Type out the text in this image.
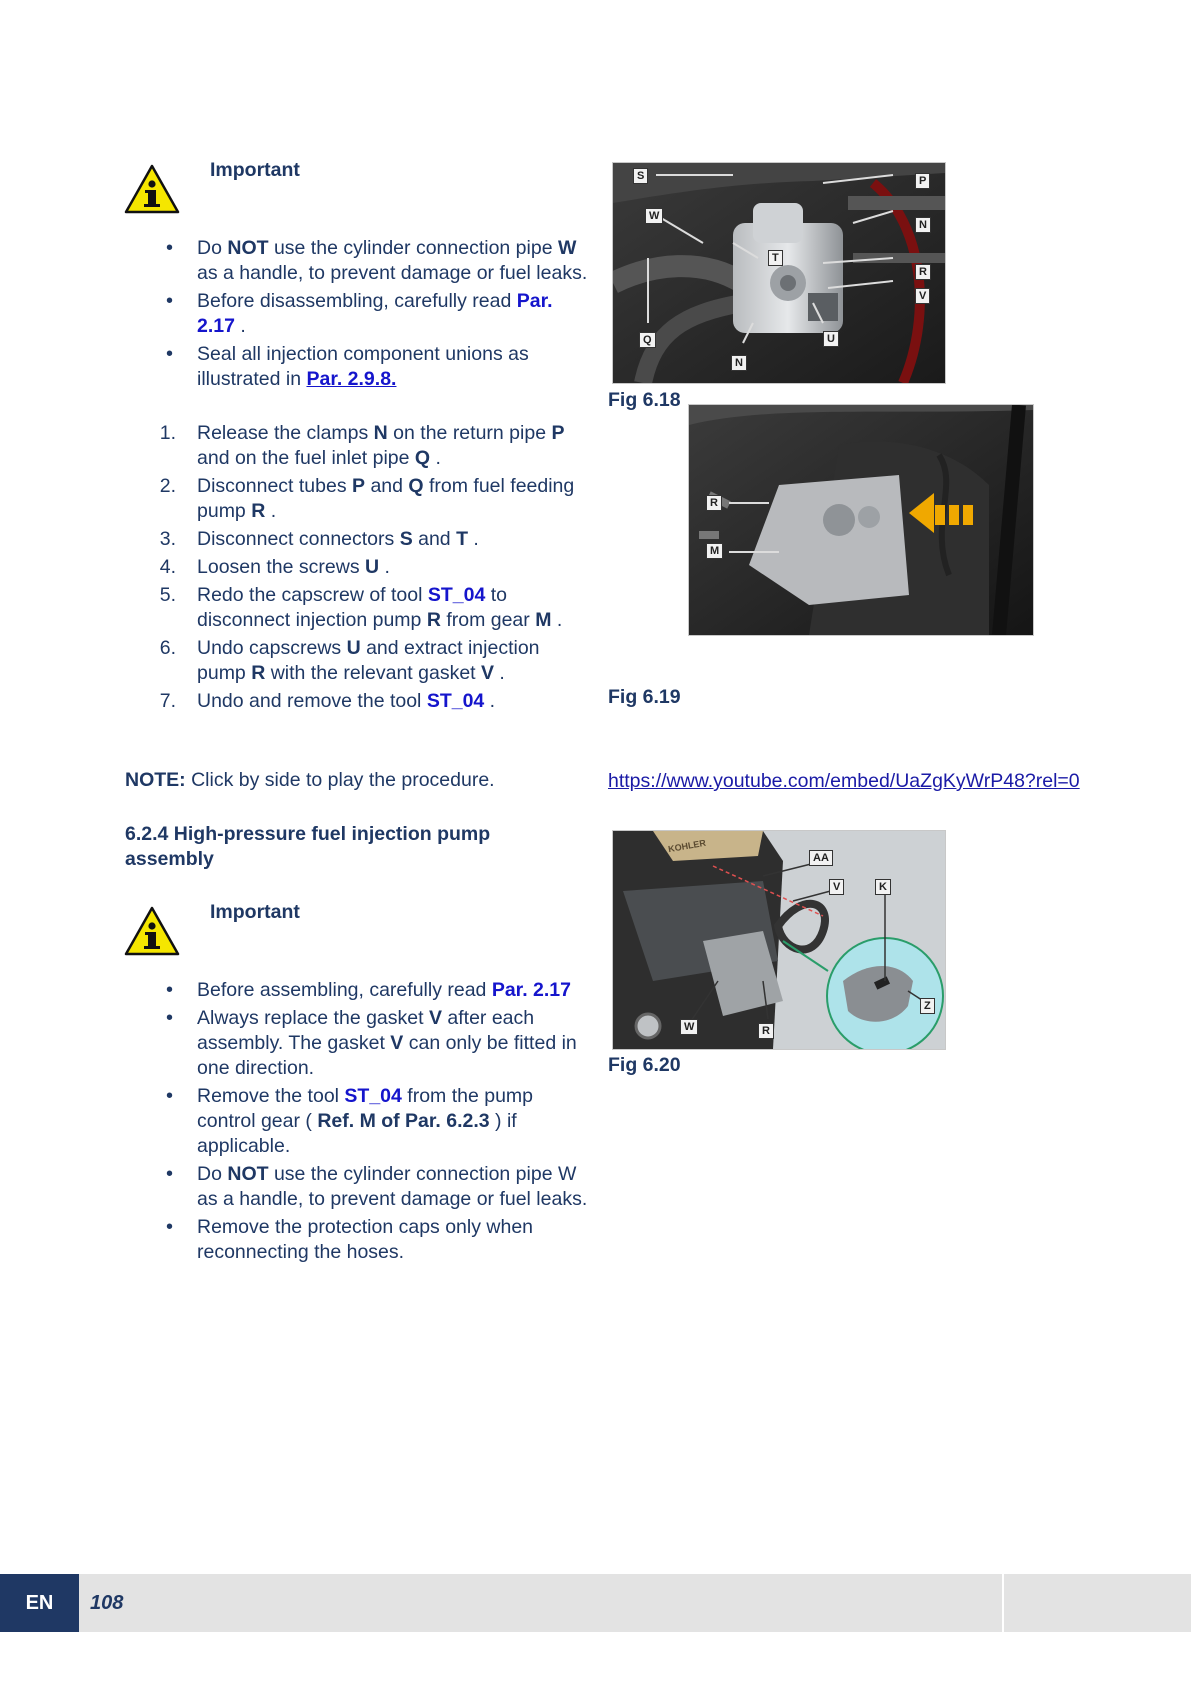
Important
• Do NOT use the cylinder connection pipe W as a handle, to prevent damage or fuel leaks.
• Before disassembling, carefully read Par. 2.17 .
• Seal all injection component unions as illustrated in Par. 2.9.8.
1. Release the clamps N on the return pipe P and on the fuel inlet pipe Q .
2. Disconnect tubes P and Q from fuel feeding pump R .
3. Disconnect connectors S and T .
4. Loosen the screws U .
5. Redo the capscrew of tool ST_04 to disconnect injection pump R from gear M .
6. Undo capscrews U and extract injection pump R with the relevant gasket V .
7. Undo and remove the tool ST_04 .
NOTE: Click by side to play the procedure.
6.2.4 High-pressure fuel injection pump assembly
Important
• Before assembling, carefully read Par. 2.17
• Always replace the gasket V after each assembly. The gasket V can only be fitted in one direction.
• Remove the tool ST_04 from the pump control gear ( Ref. M of Par. 6.2.3 ) if applicable.
• Do NOT use the cylinder connection pipe W as a handle, to prevent damage or fuel leaks.
• Remove the protection caps only when reconnecting the hoses.
S
W
T
Q
N
U
P
N
R
V
Fig 6.18
R
M
Fig 6.19
https://www.youtube.com/embed/UaZgKyWrP48?rel=0
KOHLER
AA
V	K
Z
W	R
Fig 6.20
EN	108
